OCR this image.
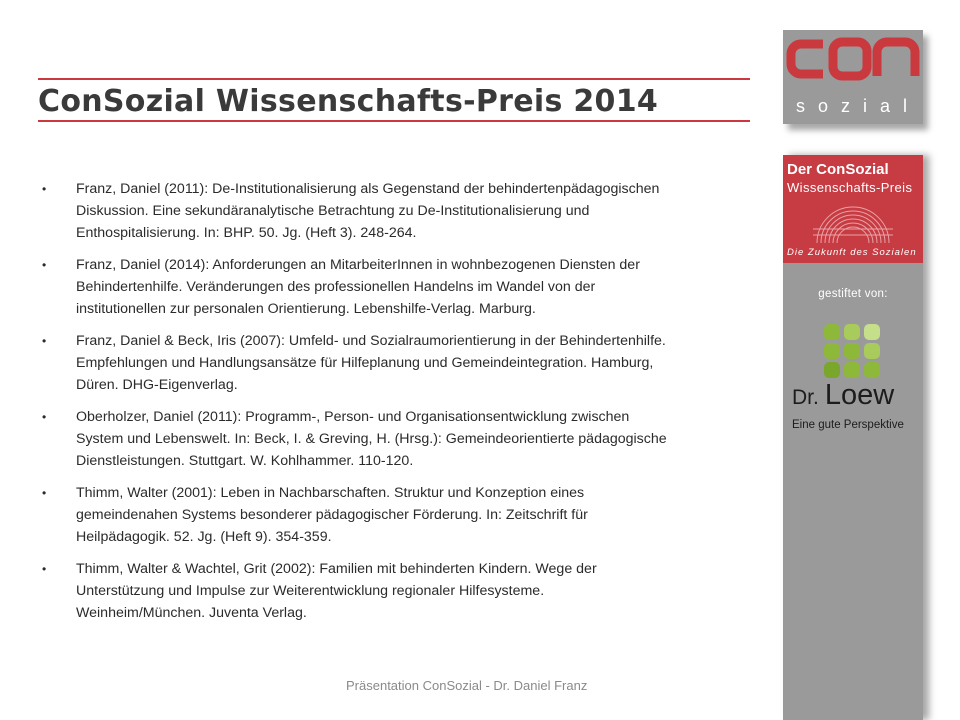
ConSozial Wissenschafts-Preis 2014
• Franz, Daniel (2011): De-Institutionalisierung als Gegenstand der behindertenpädagogischen
Diskussion. Eine sekundäranalytische Betrachtung zu De-Institutionalisierung und
Enthospitalisierung. In: BHP. 50. Jg. (Heft 3). 248-264.
• Franz, Daniel (2014): Anforderungen an MitarbeiterInnen in wohnbezogenen Diensten der
Behindertenhilfe. Veränderungen des professionellen Handelns im Wandel von der
institutionellen zur personalen Orientierung. Lebenshilfe-Verlag. Marburg.
• Franz, Daniel & Beck, Iris (2007): Umfeld- und Sozialraumorientierung in der Behindertenhilfe.
Empfehlungen und Handlungsansätze für Hilfeplanung und Gemeindeintegration. Hamburg,
Düren. DHG-Eigenverlag.
• Oberholzer, Daniel (2011): Programm-, Person- und Organisationsentwicklung zwischen
System und Lebenswelt. In: Beck, I. & Greving, H. (Hrsg.): Gemeindeorientierte pädagogische
Dienstleistungen. Stuttgart. W. Kohlhammer. 110-120.
• Thimm, Walter (2001): Leben in Nachbarschaften. Struktur und Konzeption eines
gemeindenahen Systems besonderer pädagogischer Förderung. In: Zeitschrift für
Heilpädagogik. 52. Jg. (Heft 9). 354-359.
• Thimm, Walter & Wachtel, Grit (2002): Familien mit behinderten Kindern. Wege der
Unterstützung und Impulse zur Weiterentwicklung regionaler Hilfesysteme.
Weinheim/München. Juventa Verlag.
Präsentation ConSozial - Dr. Daniel Franz
sozial
Der ConSozial
Wissenschafts-Preis
Die Zukunft des Sozialen
gestiftet von:
Dr. Loew
Eine gute Perspektive
